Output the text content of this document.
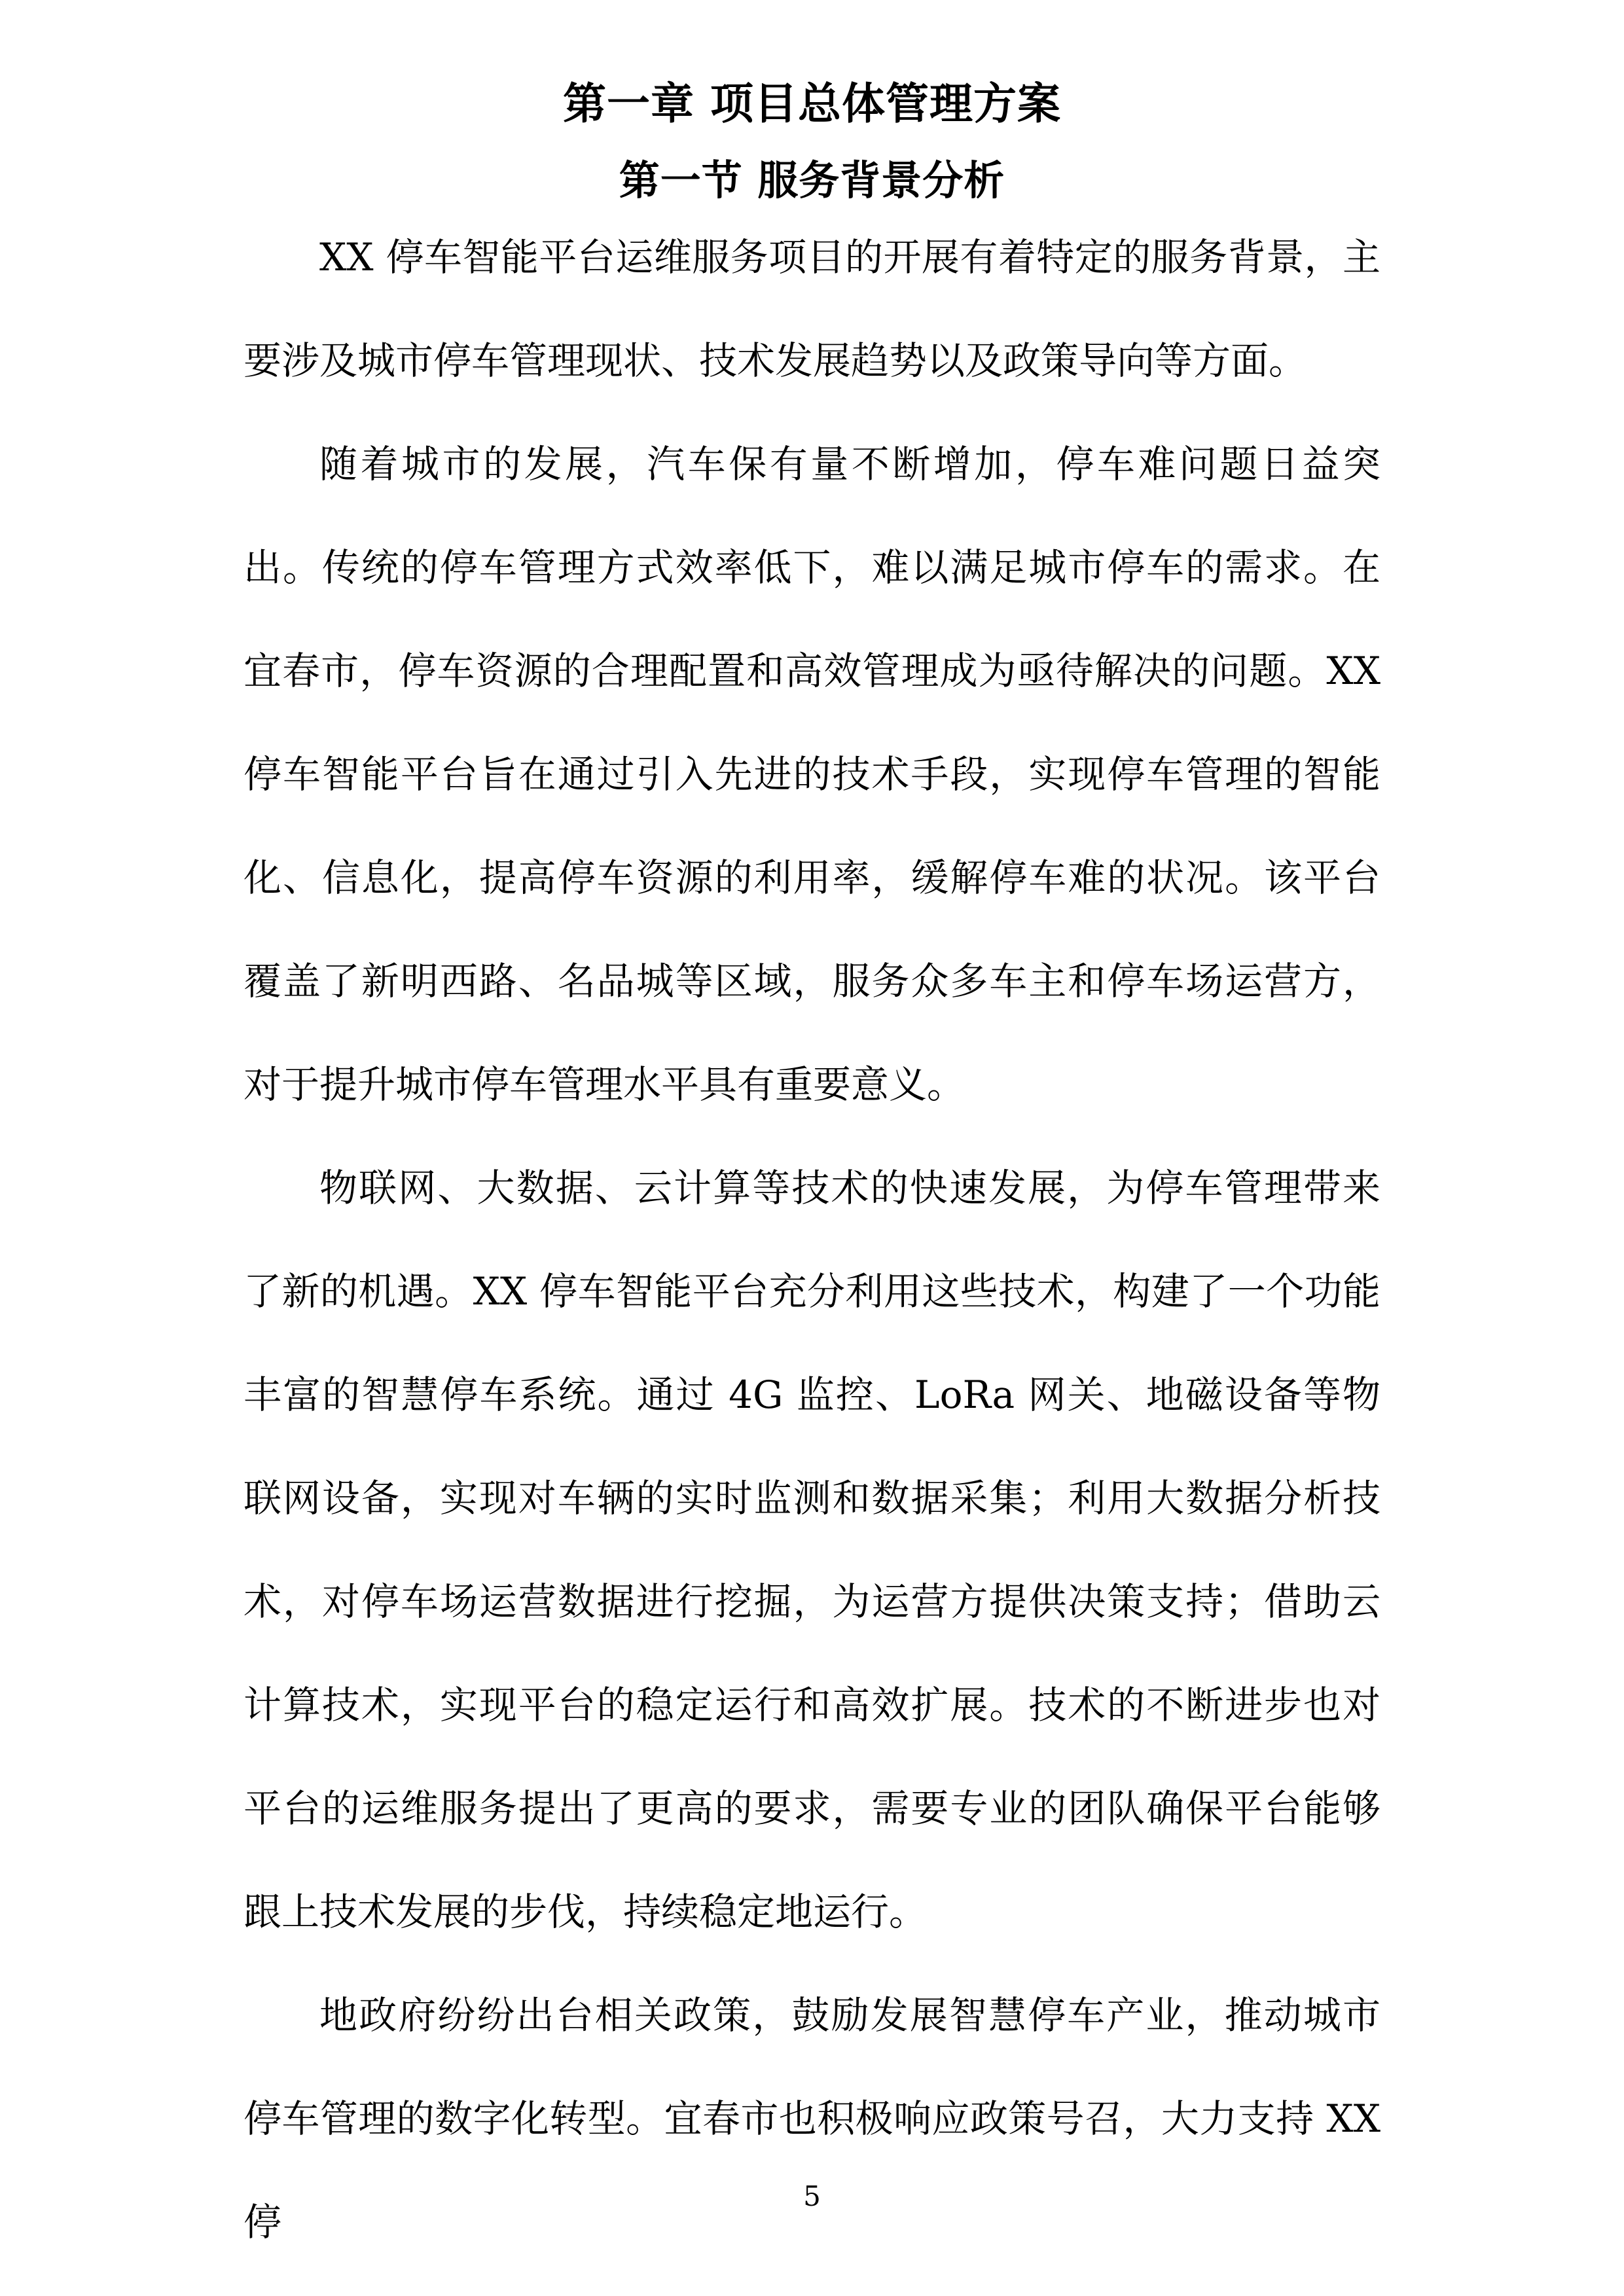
第一章 项目总体管理方案
第一节 服务背景分析

XX 停车智能平台运维服务项目的开展有着特定的服务背景，主要涉及城市停车管理现状、技术发展趋势以及政策导向等方面。

随着城市的发展，汽车保有量不断增加，停车难问题日益突出。传统的停车管理方式效率低下，难以满足城市停车的需求。在宜春市，停车资源的合理配置和高效管理成为亟待解决的问题。XX 停车智能平台旨在通过引入先进的技术手段，实现停车管理的智能化、信息化，提高停车资源的利用率，缓解停车难的状况。该平台覆盖了新明西路、名品城等区域，服务众多车主和停车场运营方，对于提升城市停车管理水平具有重要意义。

物联网、大数据、云计算等技术的快速发展，为停车管理带来了新的机遇。XX 停车智能平台充分利用这些技术，构建了一个功能丰富的智慧停车系统。通过 4G 监控、LoRa 网关、地磁设备等物联网设备，实现对车辆的实时监测和数据采集；利用大数据分析技术，对停车场运营数据进行挖掘，为运营方提供决策支持；借助云计算技术，实现平台的稳定运行和高效扩展。技术的不断进步也对平台的运维服务提出了更高的要求，需要专业的团队确保平台能够跟上技术发展的步伐，持续稳定地运行。

地政府纷纷出台相关政策，鼓励发展智慧停车产业，推动城市停车管理的数字化转型。宜春市也积极响应政策号召，大力支持 XX 停

5
